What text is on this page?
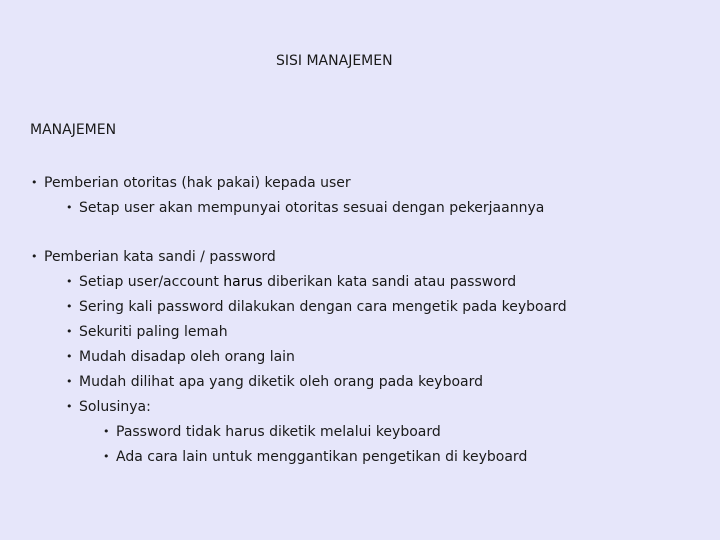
SISI MANAJEMEN
MANAJEMEN
• Pemberian otoritas (hak pakai) kepada user
• Setap user akan mempunyai otoritas sesuai dengan pekerjaannya
• Pemberian kata sandi / password
• Setiap user/account harus diberikan kata sandi atau password
• Sering kali password dilakukan dengan cara mengetik pada keyboard
• Sekuriti paling lemah
• Mudah disadap oleh orang lain
• Mudah dilihat apa yang diketik oleh orang pada keyboard
• Solusinya:
• Password tidak harus diketik melalui keyboard
• Ada cara lain untuk menggantikan pengetikan di keyboard
